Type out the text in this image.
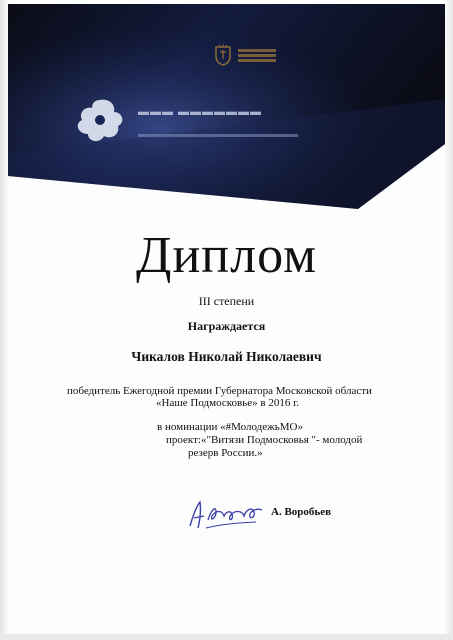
▬▬▬ ▬▬▬▬▬▬▬
Диплом
III степени
Награждается
Чикалов Николай Николаевич
победитель Ежегодной премии Губернатора Московской области
«Наше Подмосковье» в 2016 г.
в номинации «#МолодежьМО»
проект:«"Витязи Подмосковья "- молодой
резерв России.»
А. Воробьев
